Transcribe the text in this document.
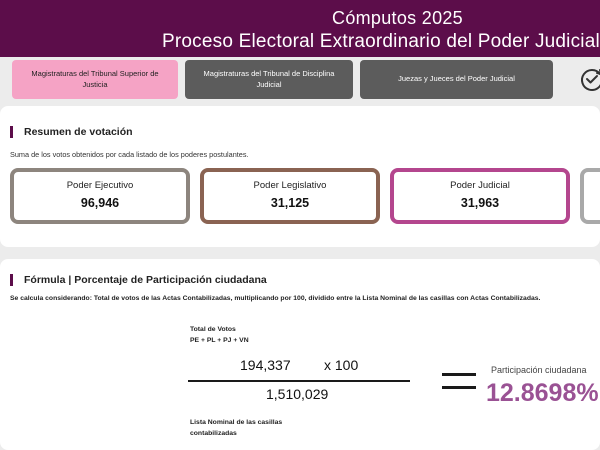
Cómputos 2025
Proceso Electoral Extraordinario del Poder Judicial
Magistraturas del Tribunal Superior de Justicia
Magistraturas del Tribunal de Disciplina Judicial
Juezas y Jueces del Poder Judicial
Resumen de votación
Suma de los votos obtenidos por cada listado de los poderes postulantes.
Poder Ejecutivo
96,946
Poder Legislativo
31,125
Poder Judicial
31,963
Fórmula | Porcentaje de Participación ciudadana
Se calcula considerando: Total de votos de las Actas Contabilizadas, multiplicando por 100, dividido entre la Lista Nominal de las casillas con Actas Contabilizadas.
Total de Votos
PE + PL + PJ + VN
194,337 x 100
1,510,029
Lista Nominal de las casillas contabilizadas
Participación ciudadana
12.8698%
